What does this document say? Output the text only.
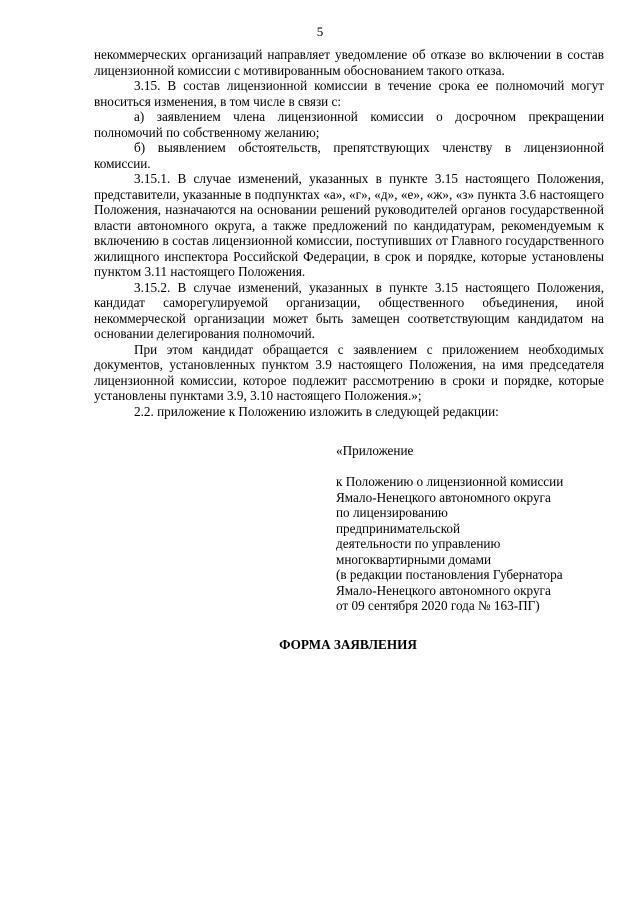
5

некоммерческих организаций направляет уведомление об отказе во включении в состав лицензионной комиссии с мотивированным обоснованием такого отказа.

3.15. В состав лицензионной комиссии в течение срока ее полномочий могут вноситься изменения, в том числе в связи с:

а) заявлением члена лицензионной комиссии о досрочном прекращении полномочий по собственному желанию;

б) выявлением обстоятельств, препятствующих членству в лицензионной комиссии.

3.15.1. В случае изменений, указанных в пункте 3.15 настоящего Положения, представители, указанные в подпунктах «а», «г», «д», «е», «ж», «з» пункта 3.6 настоящего Положения, назначаются на основании решений руководителей органов государственной власти автономного округа, а также предложений по кандидатурам, рекомендуемым к включению в состав лицензионной комиссии, поступивших от Главного государственного жилищного инспектора Российской Федерации, в срок и порядке, которые установлены пунктом 3.11 настоящего Положения.

3.15.2. В случае изменений, указанных в пункте 3.15 настоящего Положения, кандидат саморегулируемой организации, общественного объединения, иной некоммерческой организации может быть замещен соответствующим кандидатом на основании делегирования полномочий.

При этом кандидат обращается с заявлением с приложением необходимых документов, установленных пунктом 3.9 настоящего Положения, на имя председателя лицензионной комиссии, которое подлежит рассмотрению в сроки и порядке, которые установлены пунктами 3.9, 3.10 настоящего Положения.»;

2.2. приложение к Положению изложить в следующей редакции:

«Приложение
к Положению о лицензионной комиссии
Ямало-Ненецкого автономного округа
по лицензированию
предпринимательской
деятельности по управлению
многоквартирными домами
(в редакции постановления Губернатора
Ямало-Ненецкого автономного округа
от 09 сентября 2020 года № 163-ПГ)
ФОРМА ЗАЯВЛЕНИЯ
